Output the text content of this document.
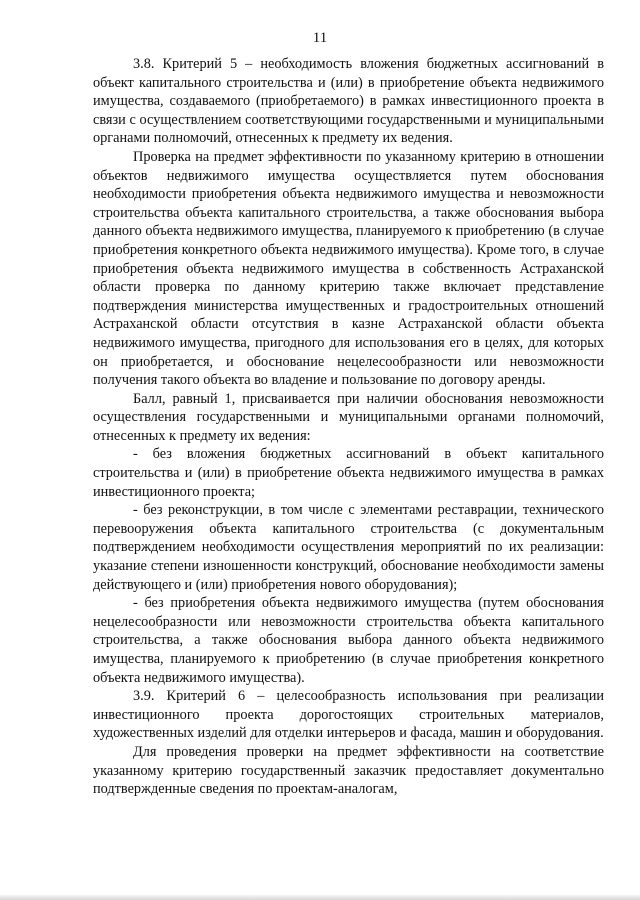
11

3.8. Критерий 5 – необходимость вложения бюджетных ассигнований в объект капитального строительства и (или) в приобретение объекта недвижимого имущества, создаваемого (приобретаемого) в рамках инвестиционного проекта в связи с осуществлением соответствующими государственными и муниципальными органами полномочий, отнесенных к предмету их ведения.

Проверка на предмет эффективности по указанному критерию в отношении объектов недвижимого имущества осуществляется путем обоснования необходимости приобретения объекта недвижимого имущества и невозможности строительства объекта капитального строительства, а также обоснования выбора данного объекта недвижимого имущества, планируемого к приобретению (в случае приобретения конкретного объекта недвижимого имущества). Кроме того, в случае приобретения объекта недвижимого имущества в собственность Астраханской области проверка по данному критерию также включает представление подтверждения министерства имущественных и градостроительных отношений Астраханской области отсутствия в казне Астраханской области объекта недвижимого имущества, пригодного для использования его в целях, для которых он приобретается, и обоснование нецелесообразности или невозможности получения такого объекта во владение и пользование по договору аренды.

Балл, равный 1, присваивается при наличии обоснования невозможности осуществления государственными и муниципальными органами полномочий, отнесенных к предмету их ведения:

- без вложения бюджетных ассигнований в объект капитального строительства и (или) в приобретение объекта недвижимого имущества в рамках инвестиционного проекта;

- без реконструкции, в том числе с элементами реставрации, технического перевооружения объекта капитального строительства (с документальным подтверждением необходимости осуществления мероприятий по их реализации: указание степени изношенности конструкций, обоснование необходимости замены действующего и (или) приобретения нового оборудования);

- без приобретения объекта недвижимого имущества (путем обоснования нецелесообразности или невозможности строительства объекта капитального строительства, а также обоснования выбора данного объекта недвижимого имущества, планируемого к приобретению (в случае приобретения конкретного объекта недвижимого имущества).

3.9. Критерий 6 – целесообразность использования при реализации инвестиционного проекта дорогостоящих строительных материалов, художественных изделий для отделки интерьеров и фасада, машин и оборудования.

Для проведения проверки на предмет эффективности на соответствие указанному критерию государственный заказчик предоставляет документально подтвержденные сведения по проектам-аналогам,
